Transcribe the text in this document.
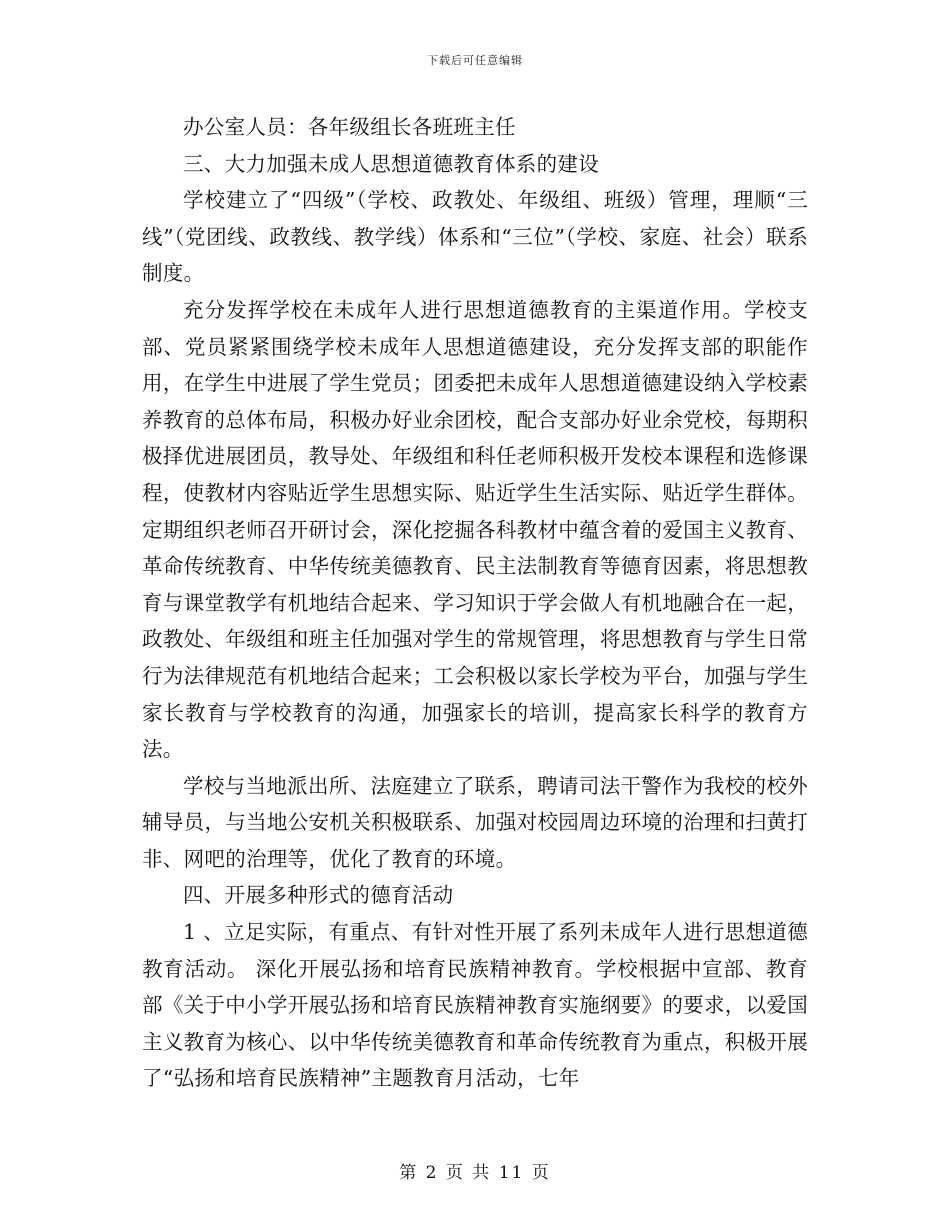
下载后可任意编辑

办公室人员：各年级组长各班班主任

三、大力加强未成人思想道德教育体系的建设

学校建立了“四级”（学校、政教处、年级组、班级）管理，理顺“三线”（党团线、政教线、教学线）体系和“三位”（学校、家庭、社会）联系制度。

充分发挥学校在未成年人进行思想道德教育的主渠道作用。学校支部、党员紧紧围绕学校未成年人思想道德建设，充分发挥支部的职能作用，在学生中进展了学生党员；团委把未成年人思想道德建设纳入学校素养教育的总体布局，积极办好业余团校，配合支部办好业余党校，每期积极择优进展团员，教导处、年级组和科任老师积极开发校本课程和选修课程，使教材内容贴近学生思想实际、贴近学生生活实际、贴近学生群体。定期组织老师召开研讨会，深化挖掘各科教材中蕴含着的爱国主义教育、革命传统教育、中华传统美德教育、民主法制教育等德育因素，将思想教育与课堂教学有机地结合起来、学习知识于学会做人有机地融合在一起，政教处、年级组和班主任加强对学生的常规管理，将思想教育与学生日常行为法律规范有机地结合起来；工会积极以家长学校为平台，加强与学生家长教育与学校教育的沟通，加强家长的培训，提高家长科学的教育方法。

学校与当地派出所、法庭建立了联系，聘请司法干警作为我校的校外辅导员，与当地公安机关积极联系、加强对校园周边环境的治理和扫黄打非、网吧的治理等，优化了教育的环境。

四、开展多种形式的德育活动

1 、立足实际，有重点、有针对性开展了系列未成年人进行思想道德教育活动。 深化开展弘扬和培育民族精神教育。学校根据中宣部、教育部《关于中小学开展弘扬和培育民族精神教育实施纲要》的要求，以爱国主义教育为核心、以中华传统美德教育和革命传统教育为重点，积极开展了“弘扬和培育民族精神”主题教育月活动，七年

第 2 页 共 11 页
